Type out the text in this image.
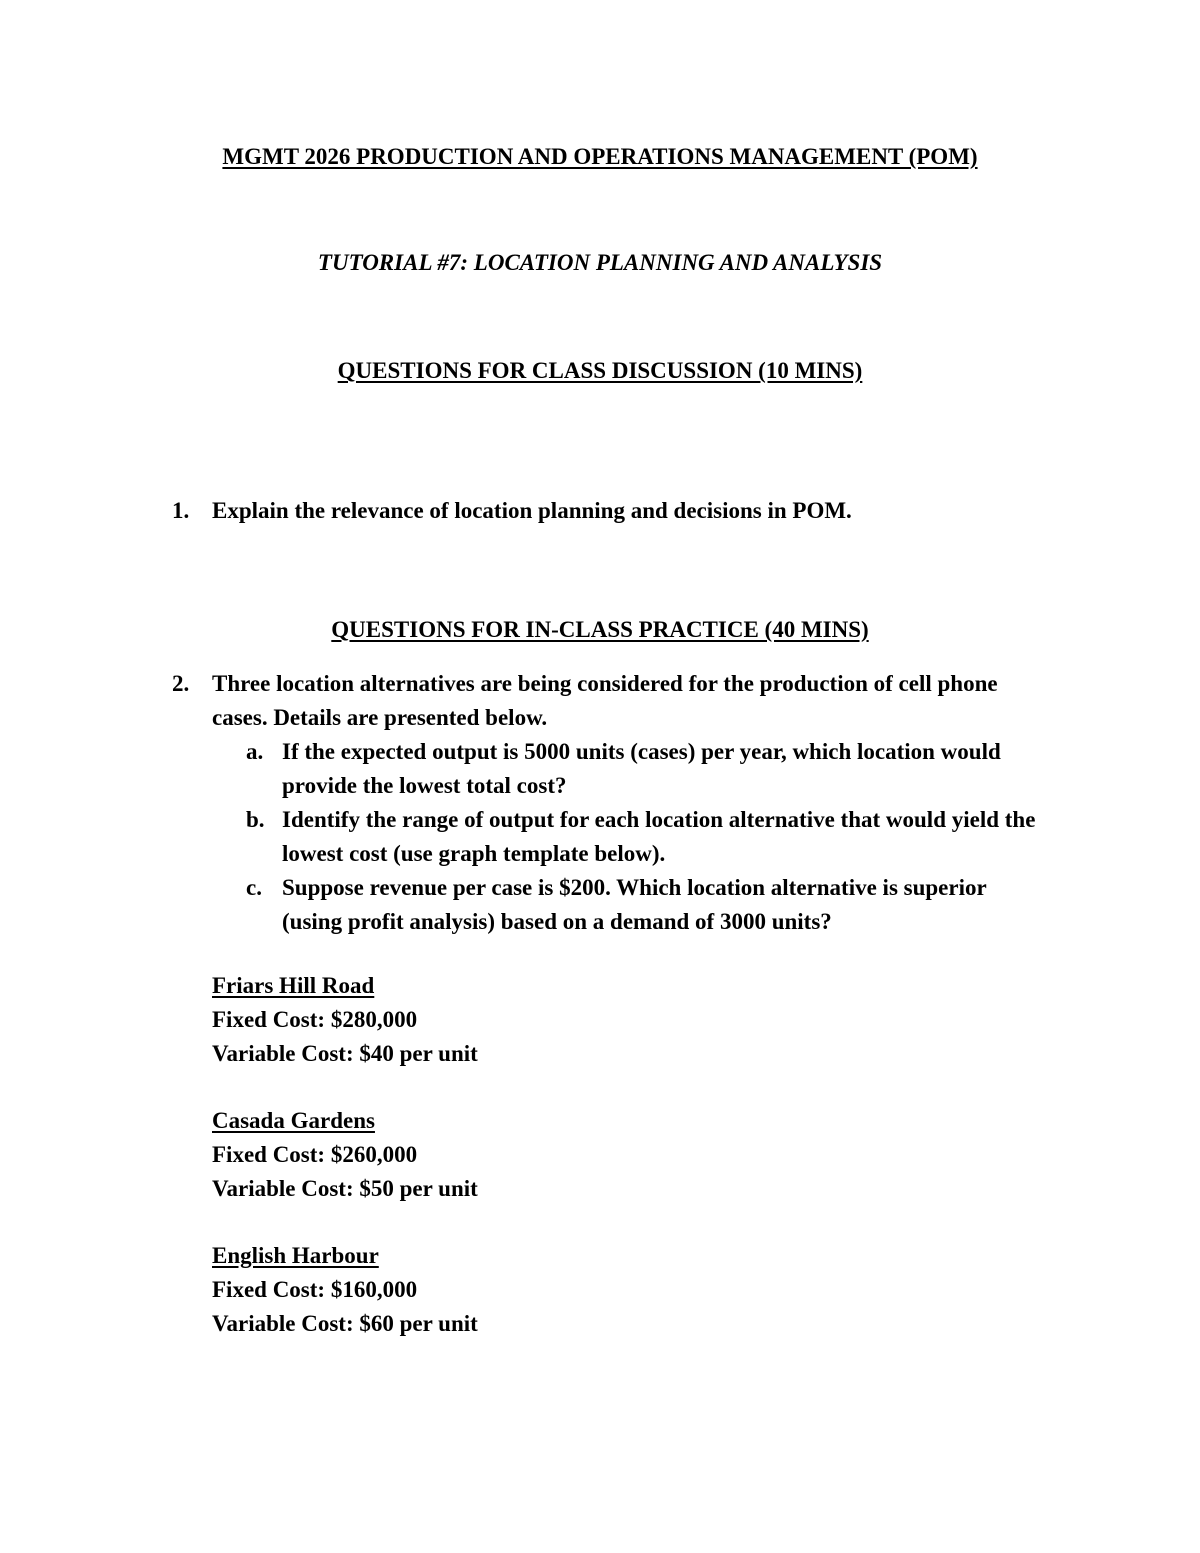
MGMT 2026 PRODUCTION AND OPERATIONS MANAGEMENT (POM)
TUTORIAL #7: LOCATION PLANNING AND ANALYSIS
QUESTIONS FOR CLASS DISCUSSION (10 MINS)
1. Explain the relevance of location planning and decisions in POM.
QUESTIONS FOR IN-CLASS PRACTICE (40 MINS)
2. Three location alternatives are being considered for the production of cell phone cases. Details are presented below.
a. If the expected output is 5000 units (cases) per year, which location would provide the lowest total cost?
b. Identify the range of output for each location alternative that would yield the lowest cost (use graph template below).
c. Suppose revenue per case is $200. Which location alternative is superior (using profit analysis) based on a demand of 3000 units?
Friars Hill Road
Fixed Cost: $280,000
Variable Cost: $40 per unit
Casada Gardens
Fixed Cost: $260,000
Variable Cost: $50 per unit
English Harbour
Fixed Cost: $160,000
Variable Cost: $60 per unit
